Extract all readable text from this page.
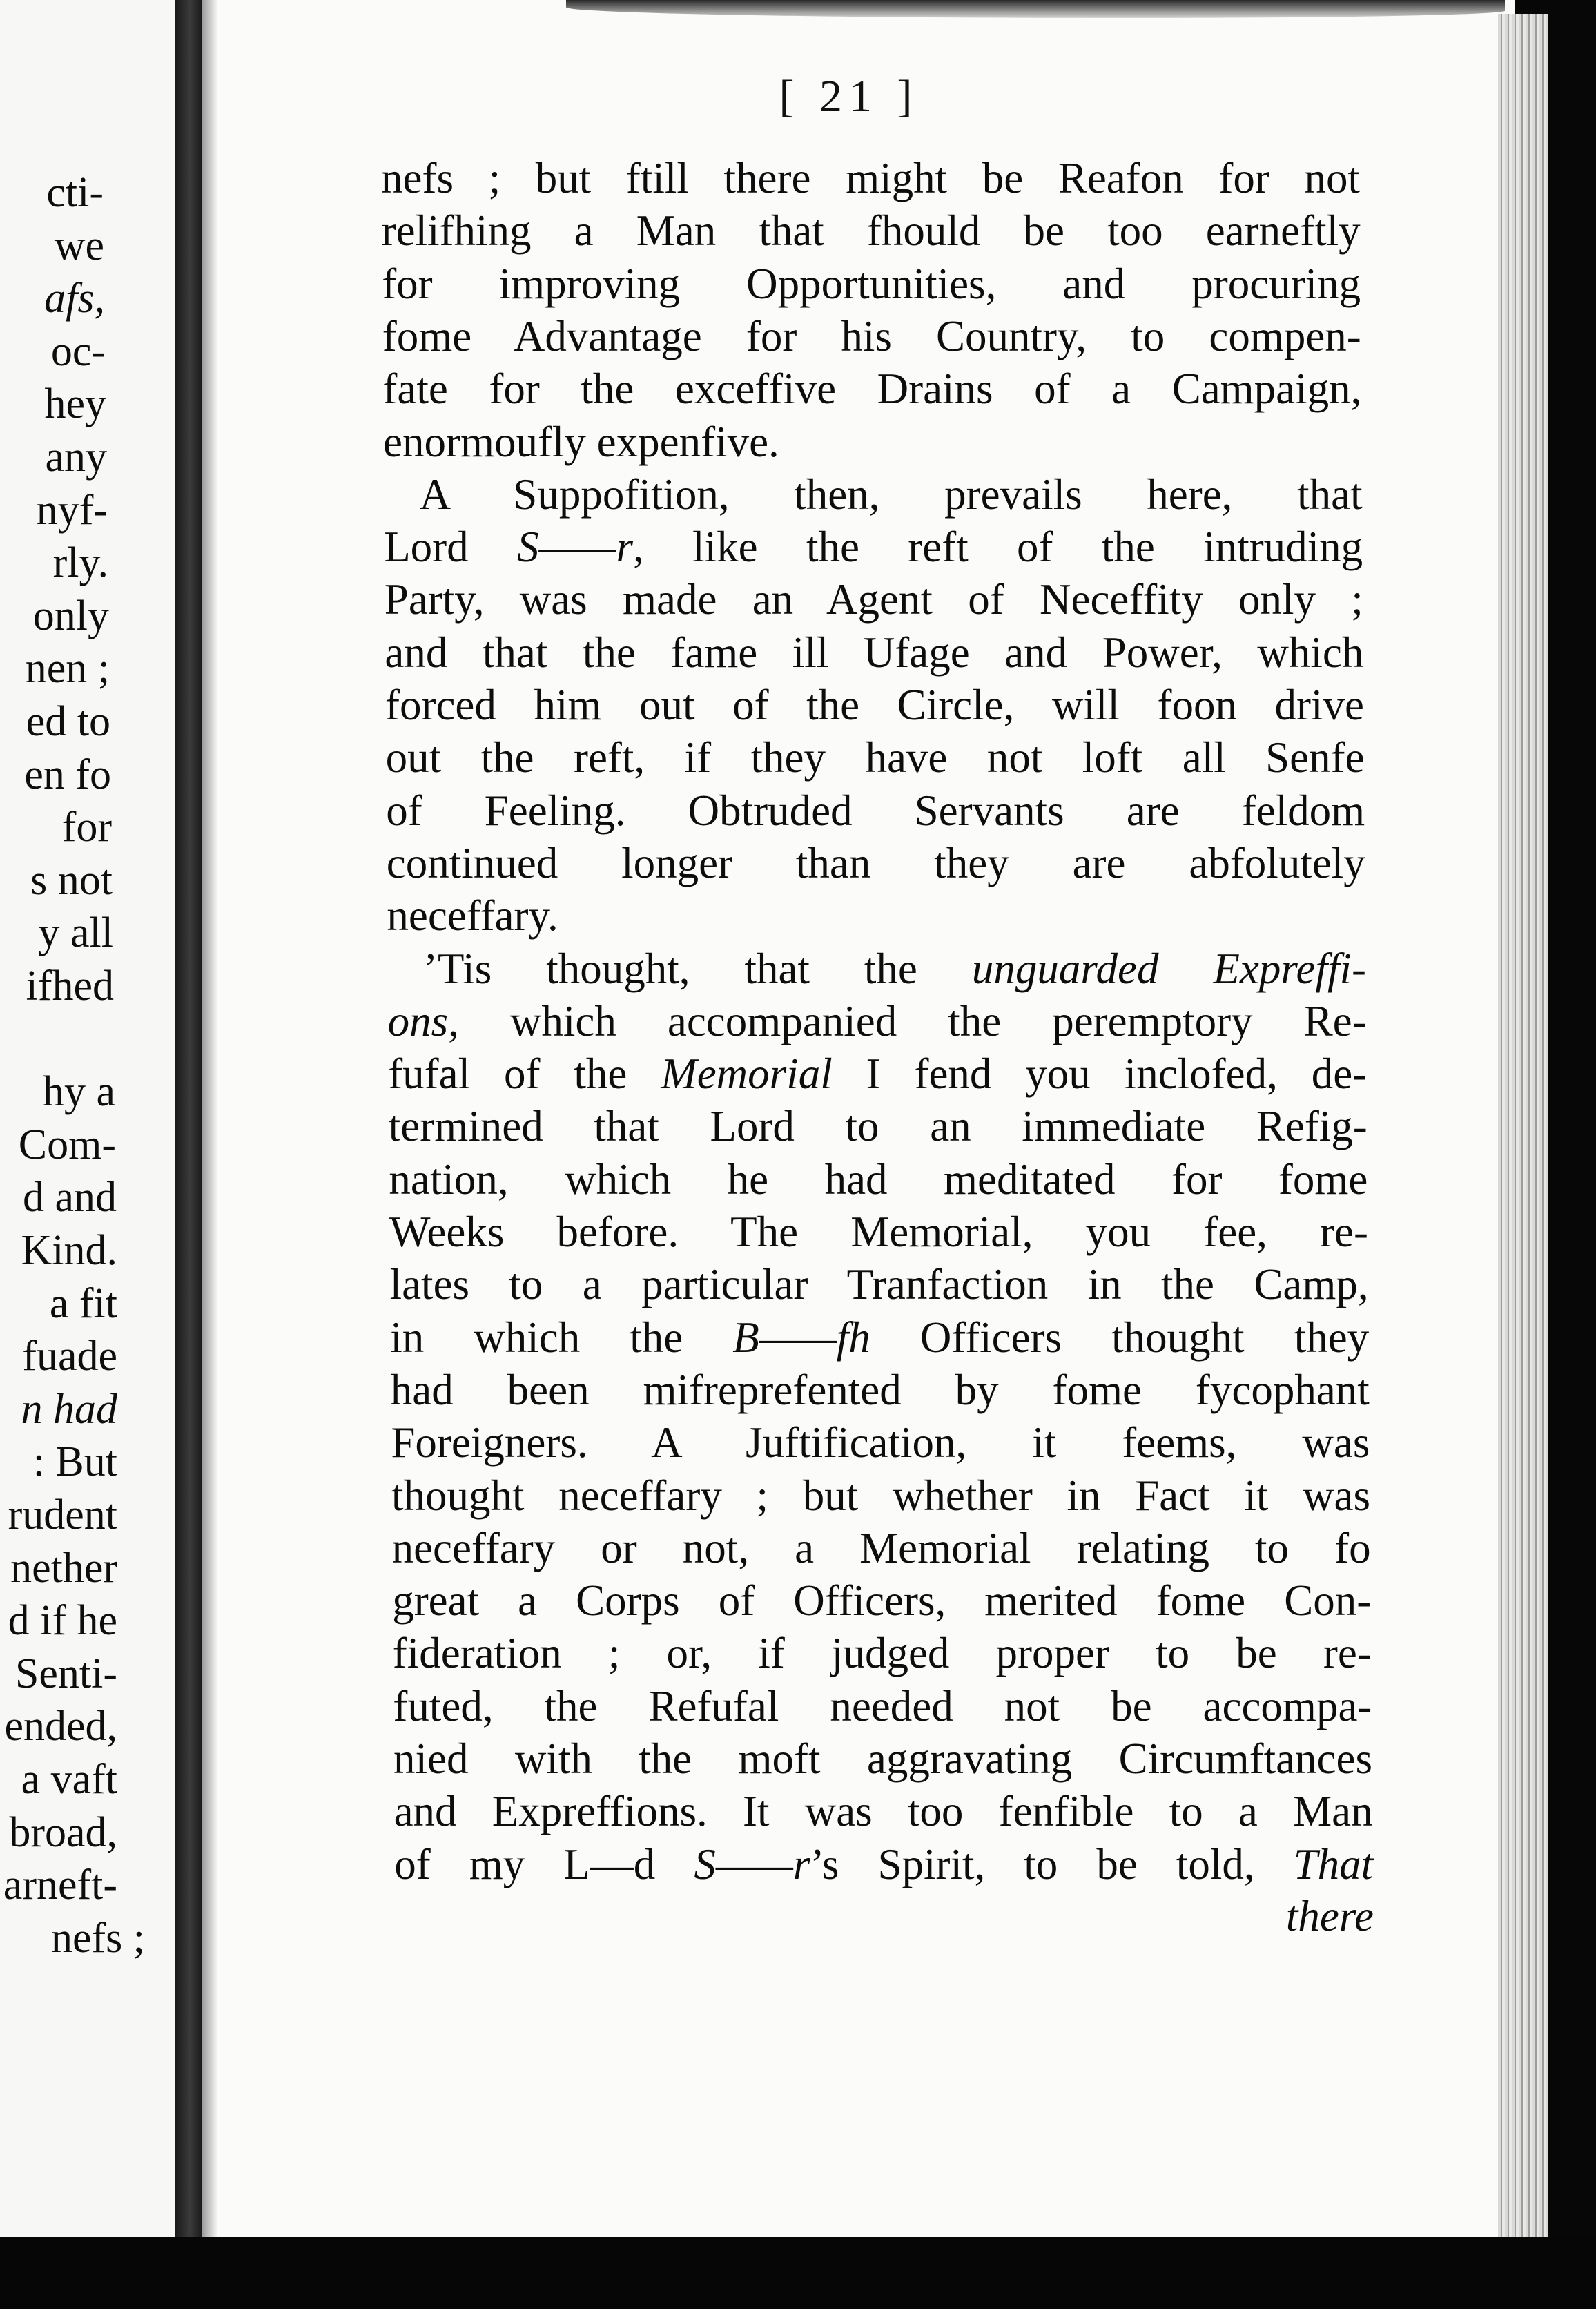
[ 21 ]
cti-
we
afs,
oc-
hey
any
nyf-
rly.
only
nen ;
ed to
en fo
for
s not
y all
ifhed
hy a
Com-
d and
Kind.
a fit
fuade
n had
: But
rudent
nether
d if he
Senti-
ended,
a vaft
broad,
arneft-
nefs ;
nefs ; but ftill there might be Reafon for not
relifhing a Man that fhould be too earneftly
for improving Opportunities, and procuring
fome Advantage for his Country, to compen-
fate for the exceffive Drains of a Campaign,
enormoufly expenfive.
A Suppofition, then, prevails here, that
Lord S——r, like the reft of the intruding
Party, was made an Agent of Neceffity only ;
and that the fame ill Ufage and Power, which
forced him out of the Circle, will foon drive
out the reft, if they have not loft all Senfe
of Feeling. Obtruded Servants are feldom
continued longer than they are abfolutely
neceffary.
’Tis thought, that the unguarded Expreffi-
ons, which accompanied the peremptory Re-
fufal of the Memorial I fend you inclofed, de-
termined that Lord to an immediate Refig-
nation, which he had meditated for fome
Weeks before. The Memorial, you fee, re-
lates to a particular Tranfaction in the Camp,
in which the B——fh Officers thought they
had been mifreprefented by fome fycophant
Foreigners. A Juftification, it feems, was
thought neceffary ; but whether in Fact it was
neceffary or not, a Memorial relating to fo
great a Corps of Officers, merited fome Con-
fideration ; or, if judged proper to be re-
futed, the Refufal needed not be accompa-
nied with the moft aggravating Circumftances
and Expreffions. It was too fenfible to a Man
of my L—d S——r’s Spirit, to be told, That
there
